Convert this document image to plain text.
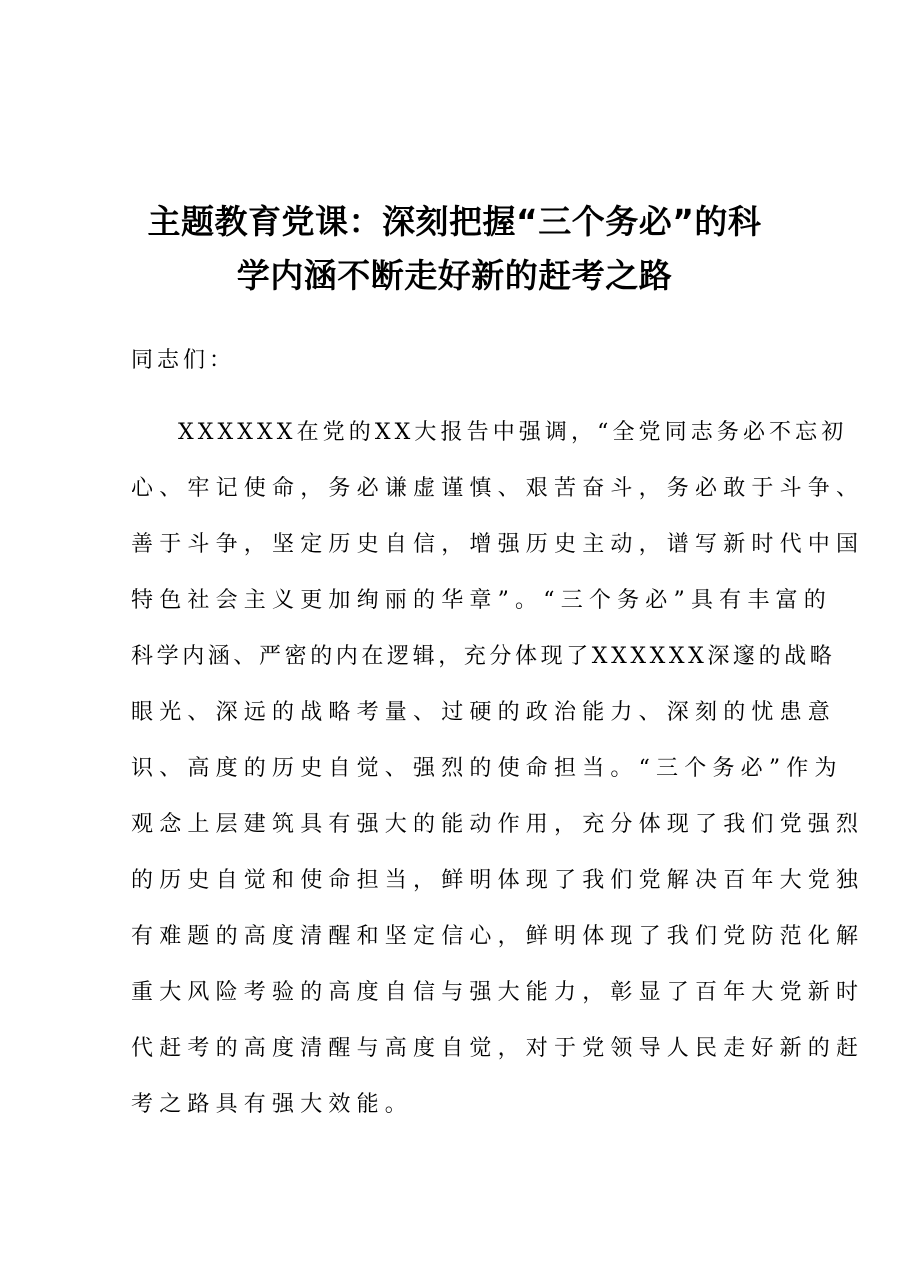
主题教育党课：深刻把握“三个务必”的科
学内涵不断走好新的赶考之路
同志们：
XXXXXX在党的XX大报告中强调，“全党同志务必不忘初
心、牢记使命，务必谦虚谨慎、艰苦奋斗，务必敢于斗争、
善于斗争，坚定历史自信，增强历史主动，谱写新时代中国
特色社会主义更加绚丽的华章”。“三个务必”具有丰富的
科学内涵、严密的内在逻辑，充分体现了XXXXXX深邃的战略
眼光、深远的战略考量、过硬的政治能力、深刻的忧患意
识、高度的历史自觉、强烈的使命担当。“三个务必”作为
观念上层建筑具有强大的能动作用，充分体现了我们党强烈
的历史自觉和使命担当，鲜明体现了我们党解决百年大党独
有难题的高度清醒和坚定信心，鲜明体现了我们党防范化解
重大风险考验的高度自信与强大能力，彰显了百年大党新时
代赶考的高度清醒与高度自觉，对于党领导人民走好新的赶
考之路具有强大效能。
